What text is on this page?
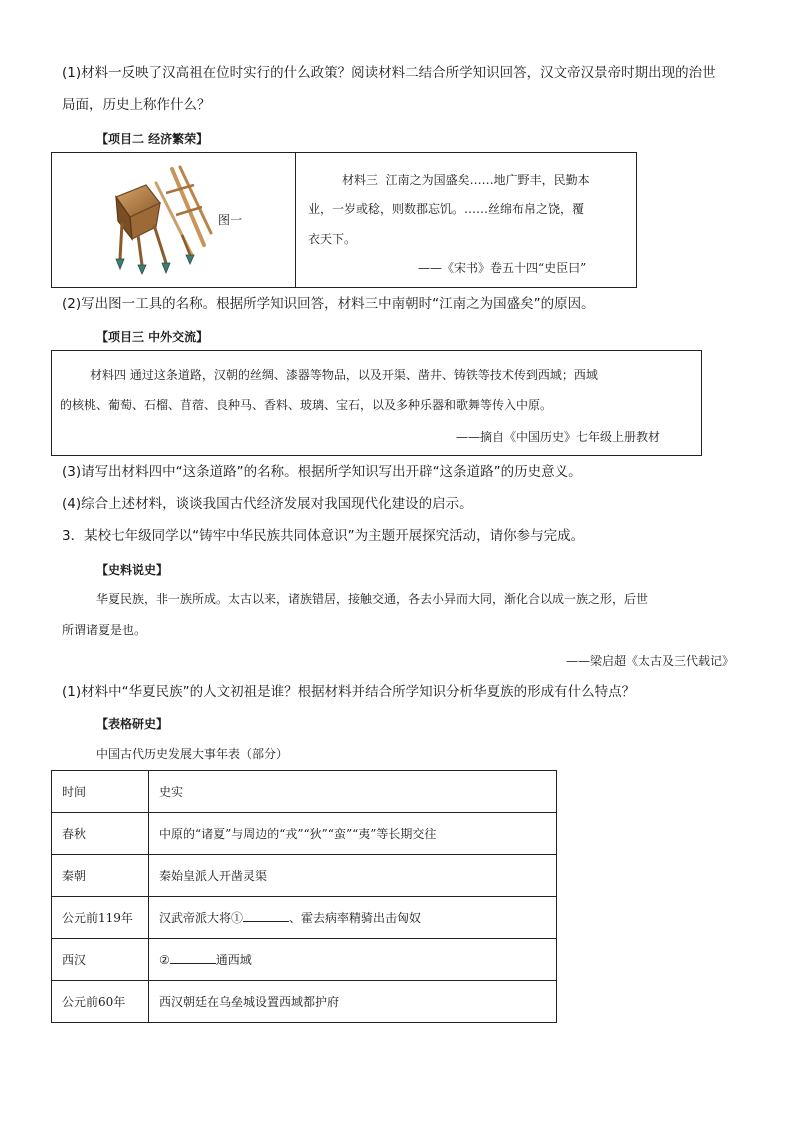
(1)材料一反映了汉高祖在位时实行的什么政策？阅读材料二结合所学知识回答，汉文帝汉景帝时期出现的治世
局面，历史上称作什么？
【项目二 经济繁荣】
图一
材料三 江南之为国盛矣……地广野丰，民勤本
业，一岁或稔，则数郡忘饥。……丝绵布帛之饶，覆
衣天下。
——《宋书》卷五十四“史臣曰”
(2)写出图一工具的名称。根据所学知识回答，材料三中南朝时“江南之为国盛矣”的原因。
【项目三 中外交流】
材料四 通过这条道路，汉朝的丝绸、漆器等物品，以及开渠、凿井、铸铁等技术传到西域；西域
的核桃、葡萄、石榴、苜蓿、良种马、香料、玻璃、宝石，以及多种乐器和歌舞等传入中原。
——摘自《中国历史》七年级上册教材
(3)请写出材料四中“这条道路”的名称。根据所学知识写出开辟“这条道路”的历史意义。
(4)综合上述材料，谈谈我国古代经济发展对我国现代化建设的启示。
3．某校七年级同学以“铸牢中华民族共同体意识”为主题开展探究活动，请你参与完成。
【史料说史】
华夏民族，非一族所成。太古以来，诸族错居，接触交通，各去小异而大同，渐化合以成一族之形，后世
所谓诸夏是也。
——梁启超《太古及三代载记》
(1)材料中“华夏民族”的人文初祖是谁？根据材料并结合所学知识分析华夏族的形成有什么特点？
【表格研史】
中国古代历史发展大事年表（部分）
时间	史实
春秋	中原的“诸夏”与周边的“戎”“狄”“蛮”“夷”等长期交往
秦朝	秦始皇派人开凿灵渠
公元前119年	汉武帝派大将① 、霍去病率精骑出击匈奴
西汉	② 通西域
公元前60年	西汉朝廷在乌垒城设置西域都护府
